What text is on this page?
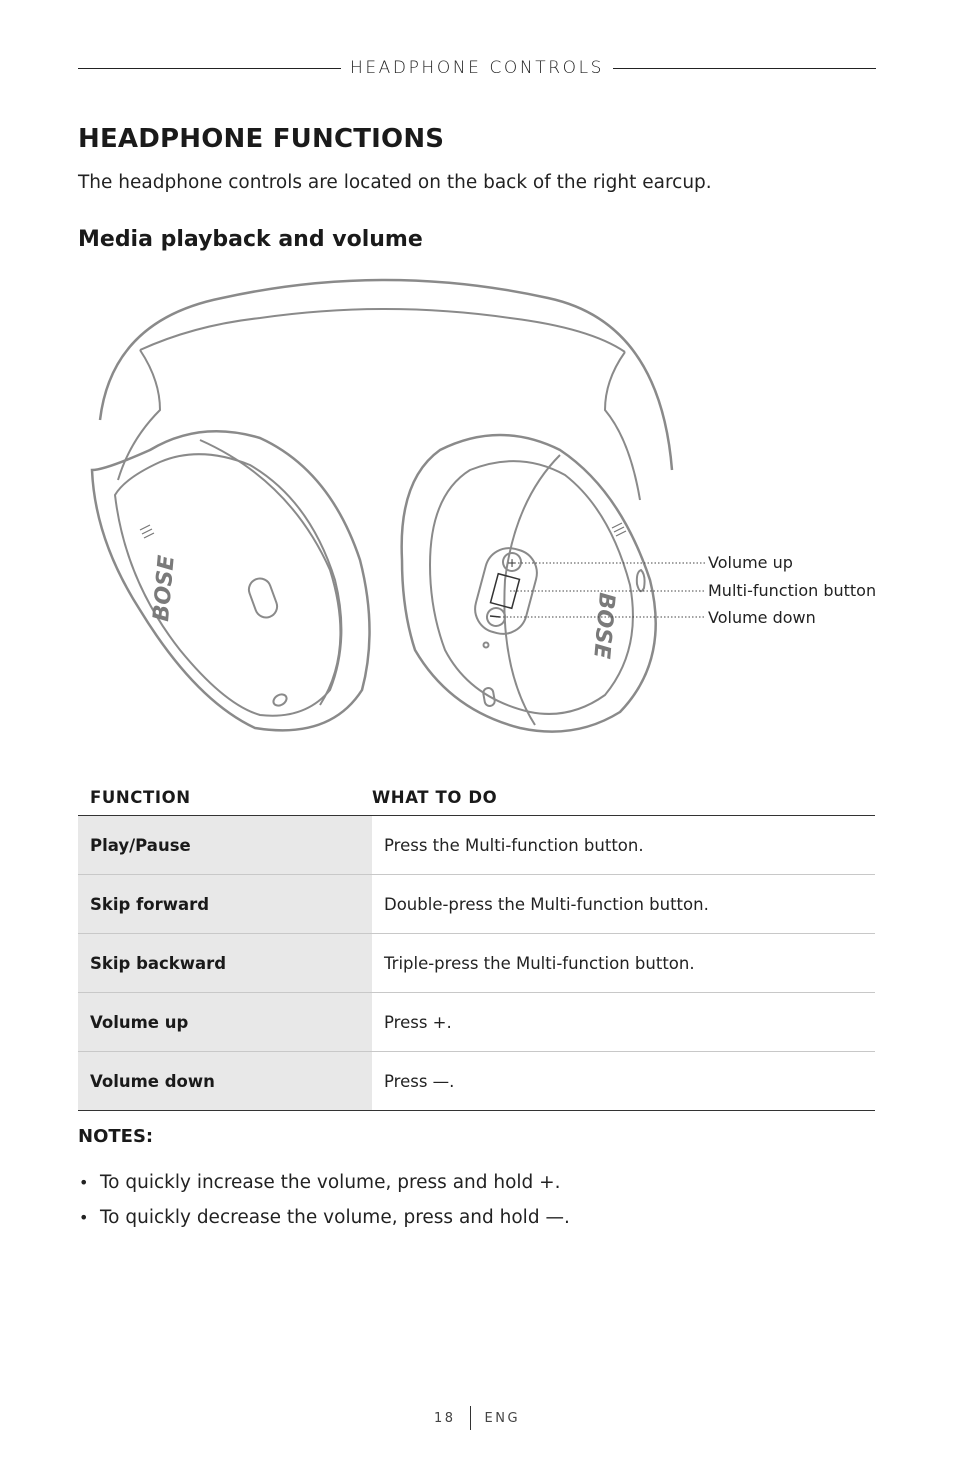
HEADPHONE CONTROLS
HEADPHONE FUNCTIONS

The headphone controls are located on the back of the right earcup.

Media playback and volume
BOSE	+
BOSE
Volume up
Multi-function button
Volume down
FUNCTION	WHAT TO DO
Play/Pause	Press the Multi-function button.
Skip forward	Double-press the Multi-function button.
Skip backward	Triple-press the Multi-function button.
Volume up	Press +.
Volume down	Press —.
NOTES:
• To quickly increase the volume, press and hold +.
• To quickly decrease the volume, press and hold —.
18 ENG
